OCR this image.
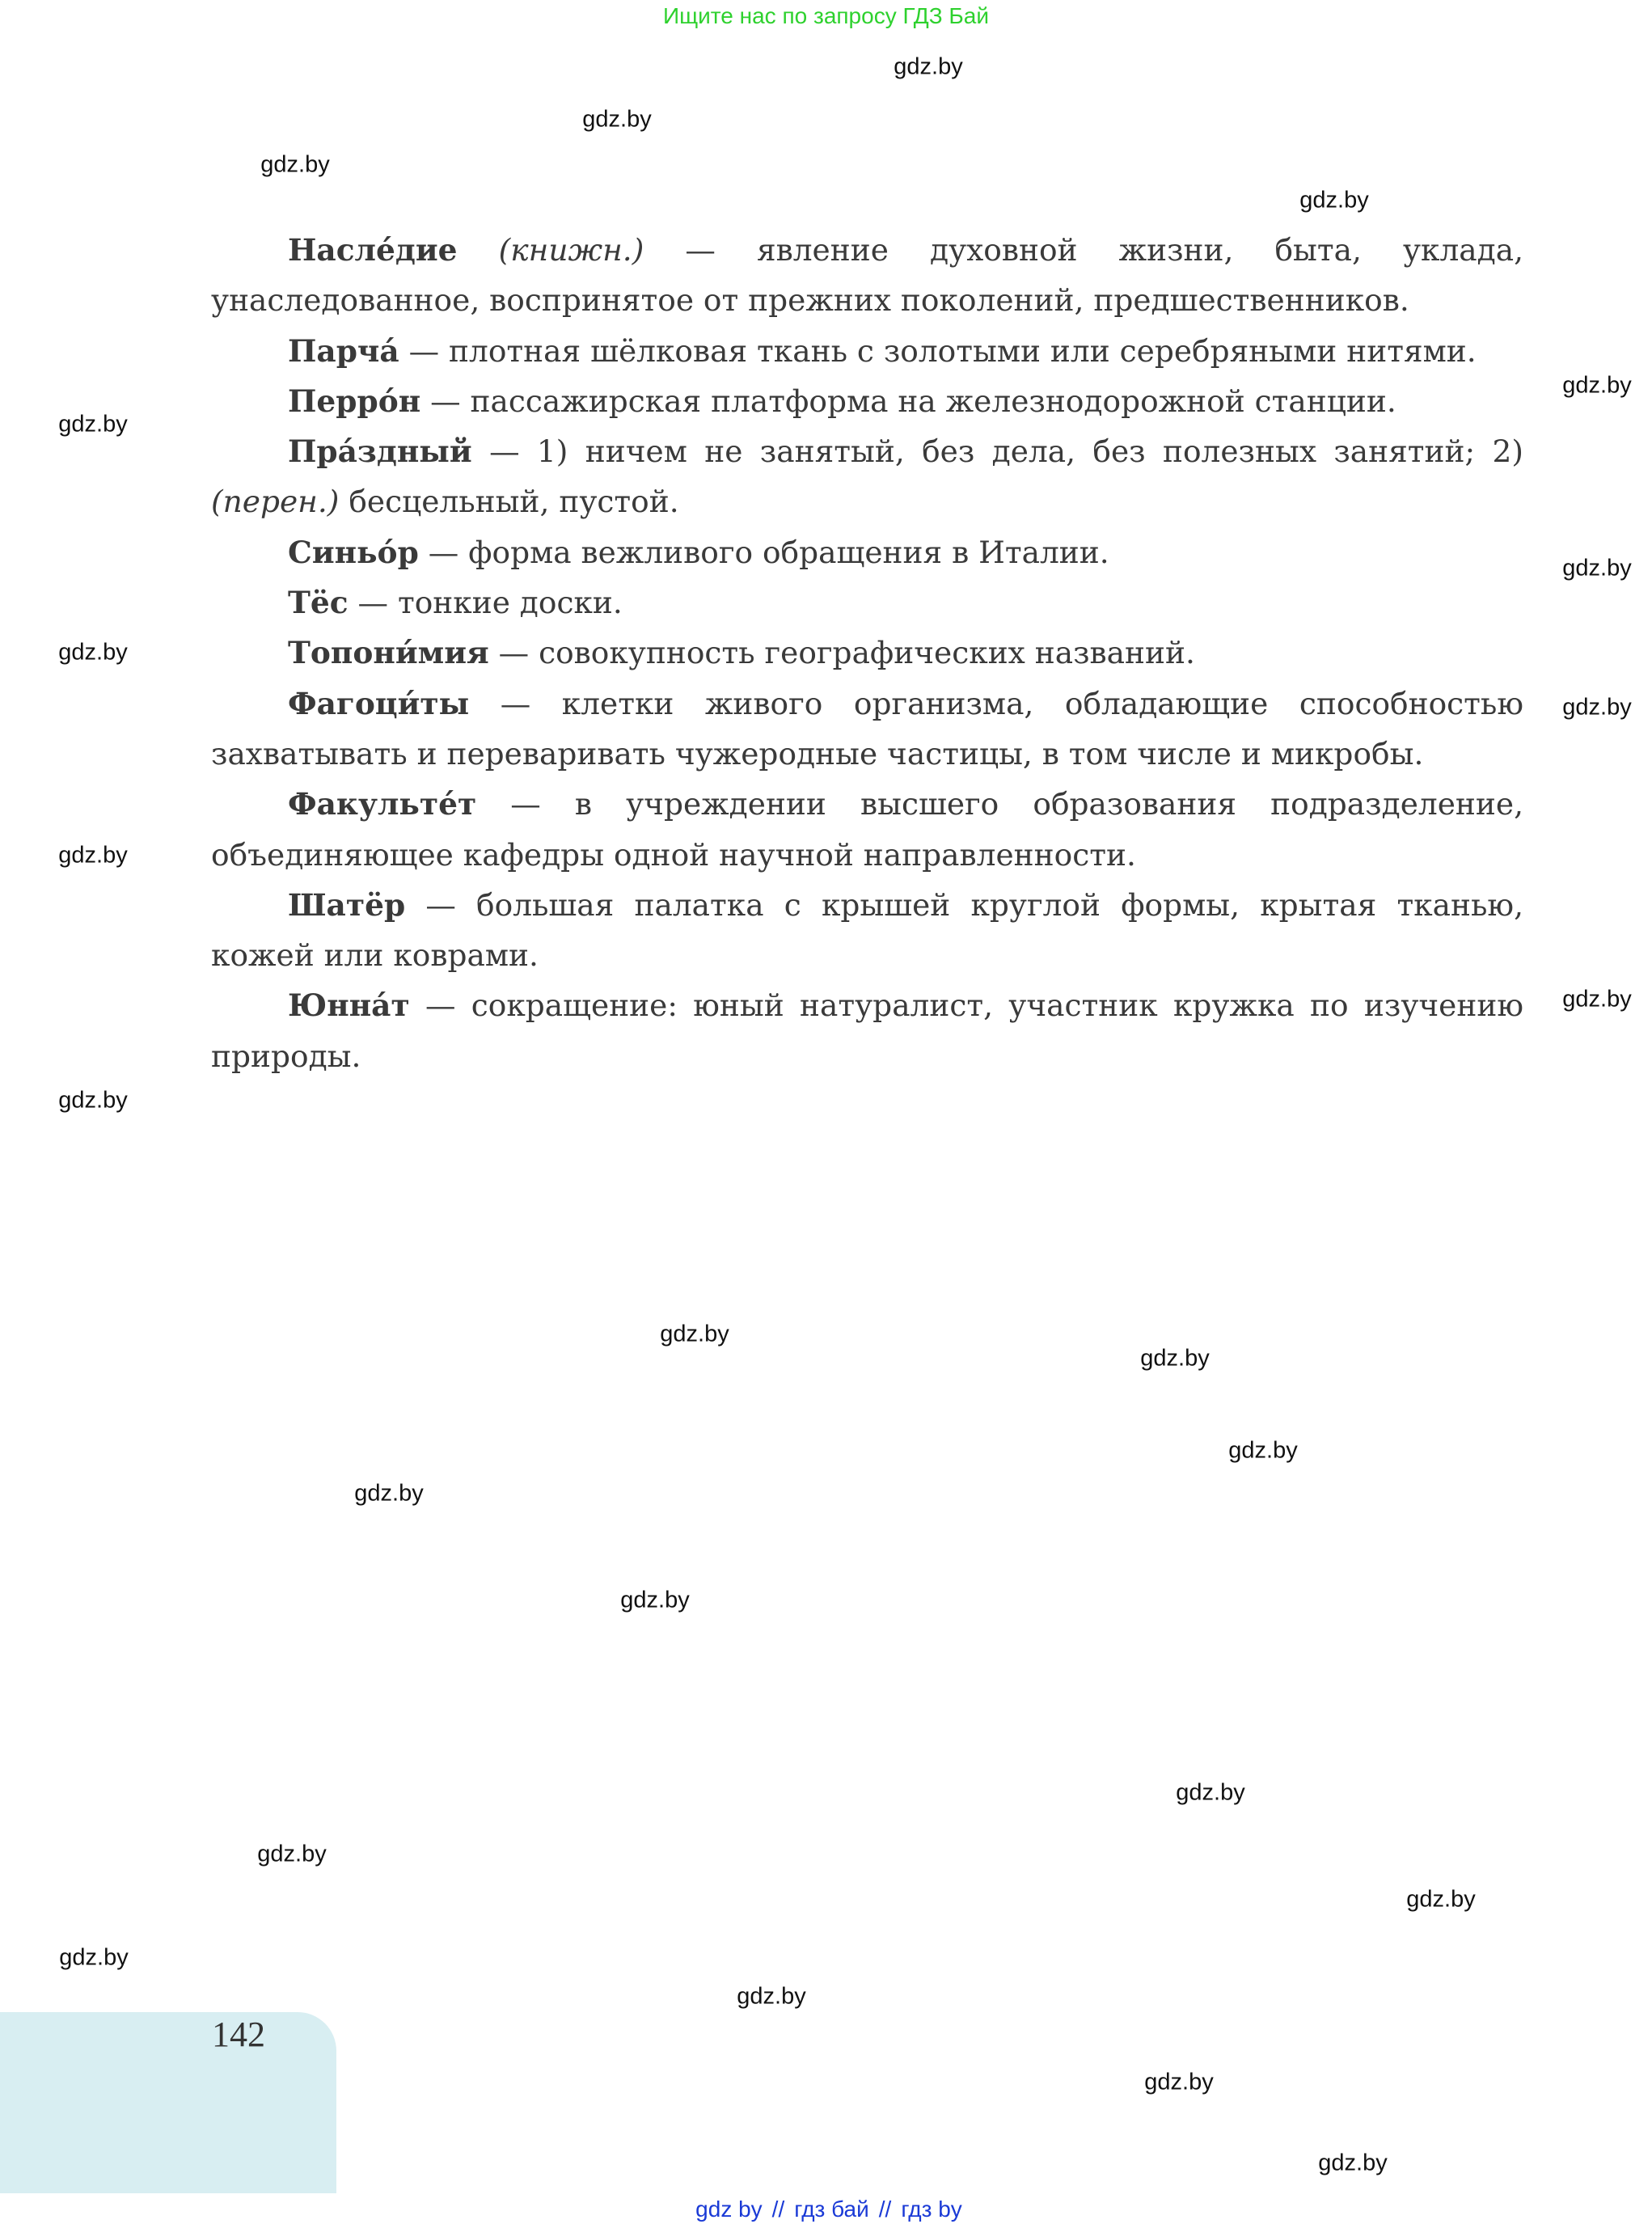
Ищите нас по запросу ГДЗ Бай
gdz.by
gdz.by
gdz.by
gdz.by
gdz.by
gdz.by
gdz.by
gdz.by
gdz.by
gdz.by
gdz.by
gdz.by
gdz.by
gdz.by
gdz.by
gdz.by
gdz.by
gdz.by
gdz.by
gdz.by
gdz.by
gdz.by
gdz.by
gdz.by

Насле́дие (книжн.) — явление духовной жизни, быта, уклада, унаследованное, воспринятое от прежних поколений, предшественников.

Парча́ — плотная шёлковая ткань с золотыми или серебряными нитями.

Перро́н — пассажирская платформа на железнодорожной станции.

Пра́здный — 1) ничем не занятый, без дела, без полезных занятий; 2) (перен.) бесцельный, пустой.

Синьо́р — форма вежливого обращения в Италии.

Тёс — тонкие доски.

Топони́мия — совокупность географических названий.

Фагоци́ты — клетки живого организма, обладающие способностью захватывать и переваривать чужеродные частицы, в том числе и микробы.

Факульте́т — в учреждении высшего образования подразделение, объединяющее кафедры одной научной направленности.

Шатёр — большая палатка с крышей круглой формы, крытая тканью, кожей или коврами.

Юнна́т — сокращение: юный натуралист, участник кружка по изучению природы.

142
gdz by // гдз бай // гдз by
